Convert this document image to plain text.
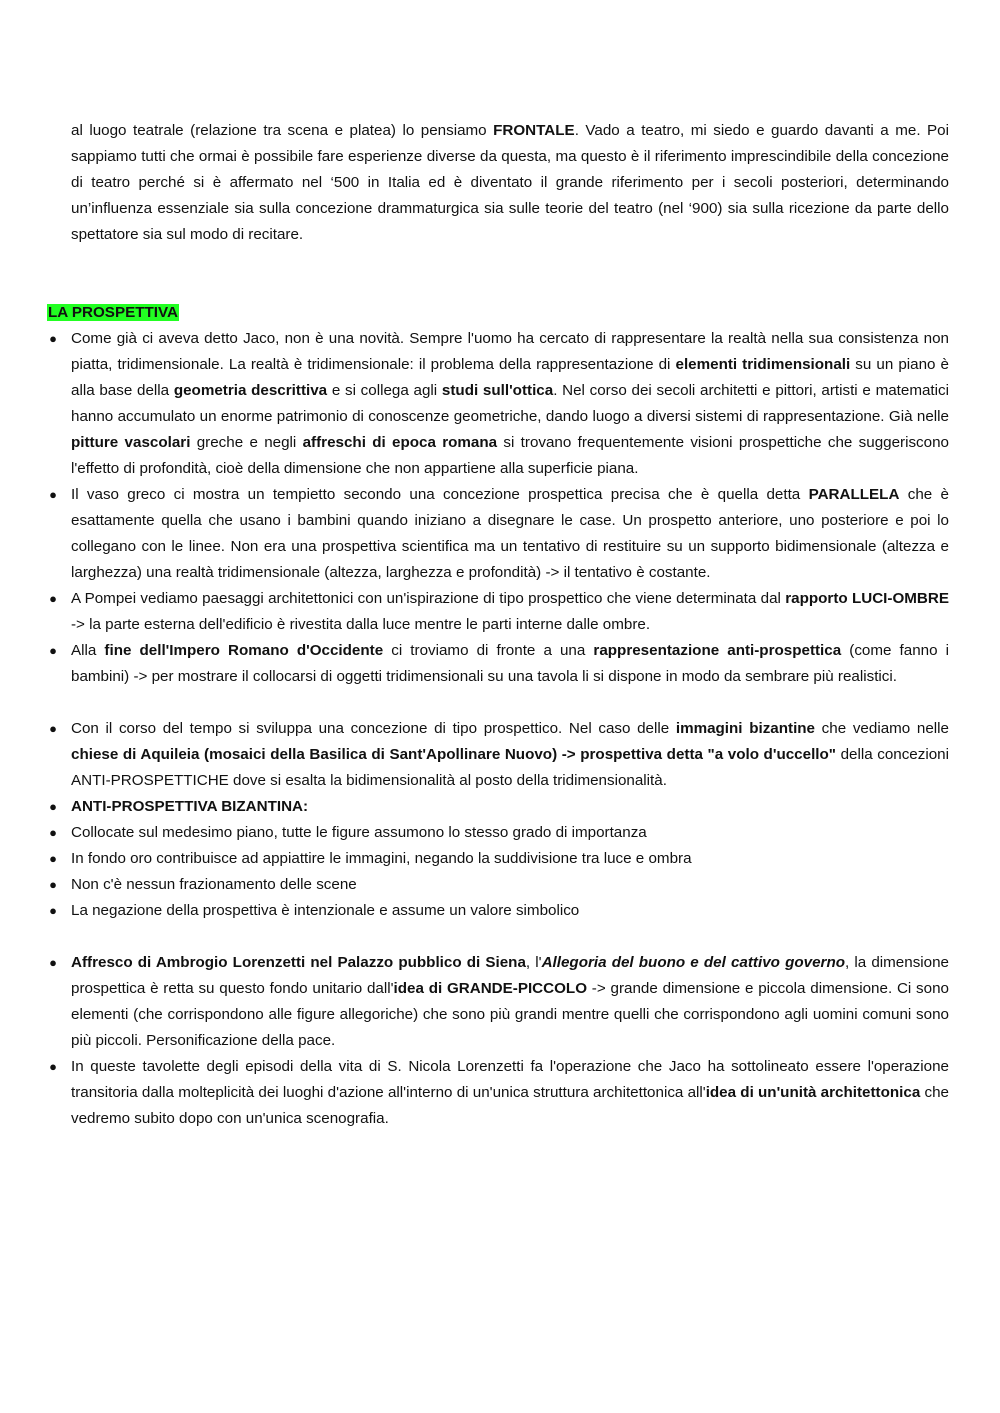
al luogo teatrale (relazione tra scena e platea) lo pensiamo FRONTALE. Vado a teatro, mi siedo e guardo davanti a me. Poi sappiamo tutti che ormai è possibile fare esperienze diverse da questa, ma questo è il riferimento imprescindibile della concezione di teatro perché si è affermato nel ‘500 in Italia ed è diventato il grande riferimento per i secoli posteriori, determinando un’influenza essenziale sia sulla concezione drammaturgica sia sulle teorie del teatro (nel ‘900) sia sulla ricezione da parte dello spettatore sia sul modo di recitare.

LA PROSPETTIVA

● Come già ci aveva detto Jaco, non è una novità. Sempre l'uomo ha cercato di rappresentare la realtà nella sua consistenza non piatta, tridimensionale. La realtà è tridimensionale: il problema della rappresentazione di elementi tridimensionali su un piano è alla base della geometria descrittiva e si collega agli studi sull'ottica. Nel corso dei secoli architetti e pittori, artisti e matematici hanno accumulato un enorme patrimonio di conoscenze geometriche, dando luogo a diversi sistemi di rappresentazione. Già nelle pitture vascolari greche e negli affreschi di epoca romana si trovano frequentemente visioni prospettiche che suggeriscono l'effetto di profondità, cioè della dimensione che non appartiene alla superficie piana.
● Il vaso greco ci mostra un tempietto secondo una concezione prospettica precisa che è quella detta PARALLELA che è esattamente quella che usano i bambini quando iniziano a disegnare le case. Un prospetto anteriore, uno posteriore e poi lo collegano con le linee. Non era una prospettiva scientifica ma un tentativo di restituire su un supporto bidimensionale (altezza e larghezza) una realtà tridimensionale (altezza, larghezza e profondità) -> il tentativo è costante.
● A Pompei vediamo paesaggi architettonici con un'ispirazione di tipo prospettico che viene determinata dal rapporto LUCI-OMBRE -> la parte esterna dell'edificio è rivestita dalla luce mentre le parti interne dalle ombre.
● Alla fine dell'Impero Romano d'Occidente ci troviamo di fronte a una rappresentazione anti-prospettica (come fanno i bambini) -> per mostrare il collocarsi di oggetti tridimensionali su una tavola li si dispone in modo da sembrare più realistici.
● Con il corso del tempo si sviluppa una concezione di tipo prospettico. Nel caso delle immagini bizantine che vediamo nelle chiese di Aquileia (mosaici della Basilica di Sant'Apollinare Nuovo) -> prospettiva detta "a volo d'uccello" della concezioni ANTI-PROSPETTICHE dove si esalta la bidimensionalità al posto della tridimensionalità.
● ANTI-PROSPETTIVA BIZANTINA:
● Collocate sul medesimo piano, tutte le figure assumono lo stesso grado di importanza
● In fondo oro contribuisce ad appiattire le immagini, negando la suddivisione tra luce e ombra
● Non c'è nessun frazionamento delle scene
● La negazione della prospettiva è intenzionale e assume un valore simbolico
● Affresco di Ambrogio Lorenzetti nel Palazzo pubblico di Siena, l'Allegoria del buono e del cattivo governo, la dimensione prospettica è retta su questo fondo unitario dall'idea di GRANDE-PICCOLO -> grande dimensione e piccola dimensione. Ci sono elementi (che corrispondono alle figure allegoriche) che sono più grandi mentre quelli che corrispondono agli uomini comuni sono più piccoli. Personificazione della pace.
● In queste tavolette degli episodi della vita di S. Nicola Lorenzetti fa l'operazione che Jaco ha sottolineato essere l'operazione transitoria dalla molteplicità dei luoghi d'azione all'interno di un'unica struttura architettonica all'idea di un'unità architettonica che vedremo subito dopo con un'unica scenografia.
